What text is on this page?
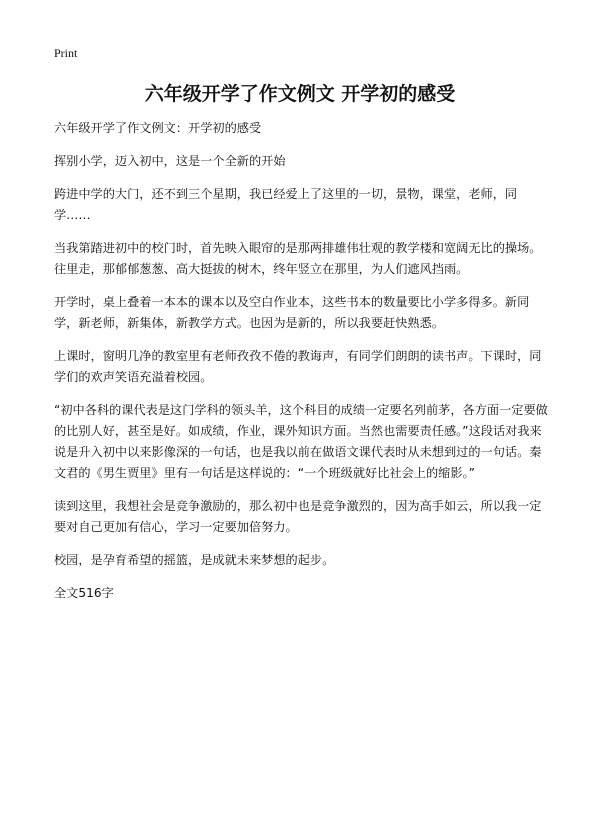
Print
六年级开学了作文例文 开学初的感受

六年级开学了作文例文：开学初的感受

挥别小学，迈入初中，这是一个全新的开始

跨进中学的大门，还不到三个星期，我已经爱上了这里的一切，景物，课堂，老师，同学……

当我第踏进初中的校门时，首先映入眼帘的是那两排雄伟壮观的教学楼和宽阔无比的操场。往里走，那郁郁葱葱、高大挺拔的树木，终年竖立在那里，为人们遮风挡雨。

开学时，桌上叠着一本本的课本以及空白作业本，这些书本的数量要比小学多得多。新同学，新老师，新集体，新教学方式。也因为是新的，所以我要赶快熟悉。

上课时，窗明几净的教室里有老师孜孜不倦的教诲声，有同学们朗朗的读书声。下课时，同学们的欢声笑语充溢着校园。

“初中各科的课代表是这门学科的领头羊，这个科目的成绩一定要名列前茅，各方面一定要做的比别人好，甚至是好。如成绩，作业，课外知识方面。当然也需要责任感。”这段话对我来说是升入初中以来影像深的一句话，也是我以前在做语文课代表时从未想到过的一句话。秦文君的《男生贾里》里有一句话是这样说的：“一个班级就好比社会上的缩影。”

读到这里，我想社会是竞争激励的，那么初中也是竞争激烈的，因为高手如云，所以我一定要对自己更加有信心，学习一定要加倍努力。

校园，是孕育希望的摇篮，是成就未来梦想的起步。

全文516字
